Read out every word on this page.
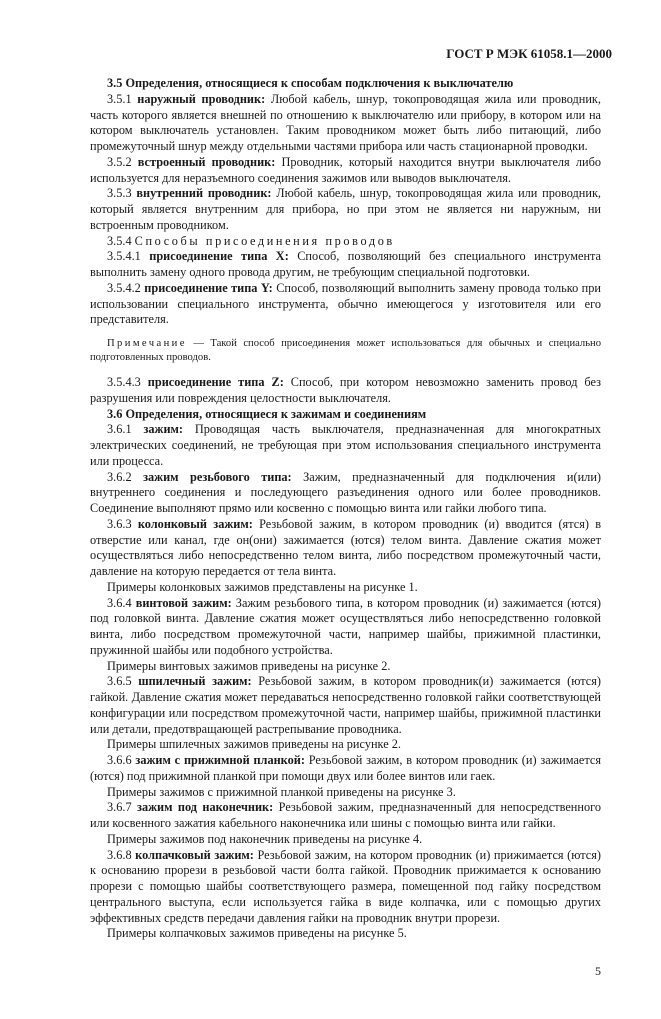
ГОСТ Р МЭК 61058.1—2000

3.5 Определения, относящиеся к способам подключения к выключателю

3.5.1 наружный проводник: Любой кабель, шнур, токопроводящая жила или проводник, часть которого является внешней по отношению к выключателю или прибору, в котором или на котором выключатель установлен. Таким проводником может быть либо питающий, либо промежуточный шнур между отдельными частями прибора или часть стационарной проводки.

3.5.2 встроенный проводник: Проводник, который находится внутри выключателя либо используется для неразъемного соединения зажимов или выводов выключателя.

3.5.3 внутренний проводник: Любой кабель, шнур, токопроводящая жила или проводник, который является внутренним для прибора, но при этом не является ни наружным, ни встроенным проводником.

3.5.4 Способы присоединения проводов

3.5.4.1 присоединение типа X: Способ, позволяющий без специального инструмента выполнить замену одного провода другим, не требующим специальной подготовки.

3.5.4.2 присоединение типа Y: Способ, позволяющий выполнить замену провода только при использовании специального инструмента, обычно имеющегося у изготовителя или его представителя.

Примечание — Такой способ присоединения может использоваться для обычных и специально подготовленных проводов.

3.5.4.3 присоединение типа Z: Способ, при котором невозможно заменить провод без разрушения или повреждения целостности выключателя.

3.6 Определения, относящиеся к зажимам и соединениям

3.6.1 зажим: Проводящая часть выключателя, предназначенная для многократных электрических соединений, не требующая при этом использования специального инструмента или процесса.

3.6.2 зажим резьбового типа: Зажим, предназначенный для подключения и(или) внутреннего соединения и последующего разъединения одного или более проводников. Соединение выполняют прямо или косвенно с помощью винта или гайки любого типа.

3.6.3 колонковый зажим: Резьбовой зажим, в котором проводник (и) вводится (ятся) в отверстие или канал, где он(они) зажимается (ются) телом винта. Давление сжатия может осуществляться либо непосредственно телом винта, либо посредством промежуточный части, давление на которую передается от тела винта.

Примеры колонковых зажимов представлены на рисунке 1.

3.6.4 винтовой зажим: Зажим резьбового типа, в котором проводник (и) зажимается (ются) под головкой винта. Давление сжатия может осуществляться либо непосредственно головкой винта, либо посредством промежуточной части, например шайбы, прижимной пластинки, пружинной шайбы или подобного устройства.

Примеры винтовых зажимов приведены на рисунке 2.

3.6.5 шпилечный зажим: Резьбовой зажим, в котором проводник(и) зажимается (ются) гайкой. Давление сжатия может передаваться непосредственно головкой гайки соответствующей конфигурации или посредством промежуточной части, например шайбы, прижимной пластинки или детали, предотвращающей растрепывание проводника.

Примеры шпилечных зажимов приведены на рисунке 2.

3.6.6 зажим с прижимной планкой: Резьбовой зажим, в котором проводник (и) зажимается (ются) под прижимной планкой при помощи двух или более винтов или гаек.

Примеры зажимов с прижимной планкой приведены на рисунке 3.

3.6.7 зажим под наконечник: Резьбовой зажим, предназначенный для непосредственного или косвенного зажатия кабельного наконечника или шины с помощью винта или гайки.

Примеры зажимов под наконечник приведены на рисунке 4.

3.6.8 колпачковый зажим: Резьбовой зажим, на котором проводник (и) прижимается (ются) к основанию прорези в резьбовой части болта гайкой. Проводник прижимается к основанию прорези с помощью шайбы соответствующего размера, помещенной под гайку посредством центрального выступа, если используется гайка в виде колпачка, или с помощью других эффективных средств передачи давления гайки на проводник внутри прорези.

Примеры колпачковых зажимов приведены на рисунке 5.

5
